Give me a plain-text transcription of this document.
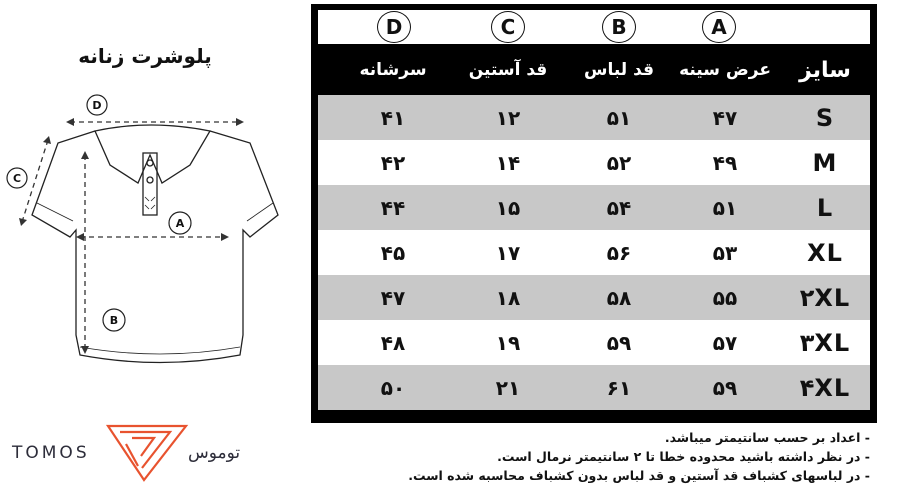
پلوشرت زنانه
D
A
B
C
A
B
C
D
سایز
عرض سینه
قد لباس
قد آستین
سرشانه
S
۴۷
۵۱
۱۲
۴۱
M
۴۹
۵۲
۱۴
۴۲
L
۵۱
۵۴
۱۵
۴۴
XL
۵۳
۵۶
۱۷
۴۵
۲XL
۵۵
۵۸
۱۸
۴۷
۳XL
۵۷
۵۹
۱۹
۴۸
۴XL
۵۹
۶۱
۲۱
۵۰
- اعداد بر حسب سانتیمتر میباشد.
- در نظر داشته باشید محدوده خطا تا ۲ سانتیمتر نرمال است.
- در لباسهای کشباف قد آستین و قد لباس بدون کشباف محاسبه شده است.
TOMOS	توموس
